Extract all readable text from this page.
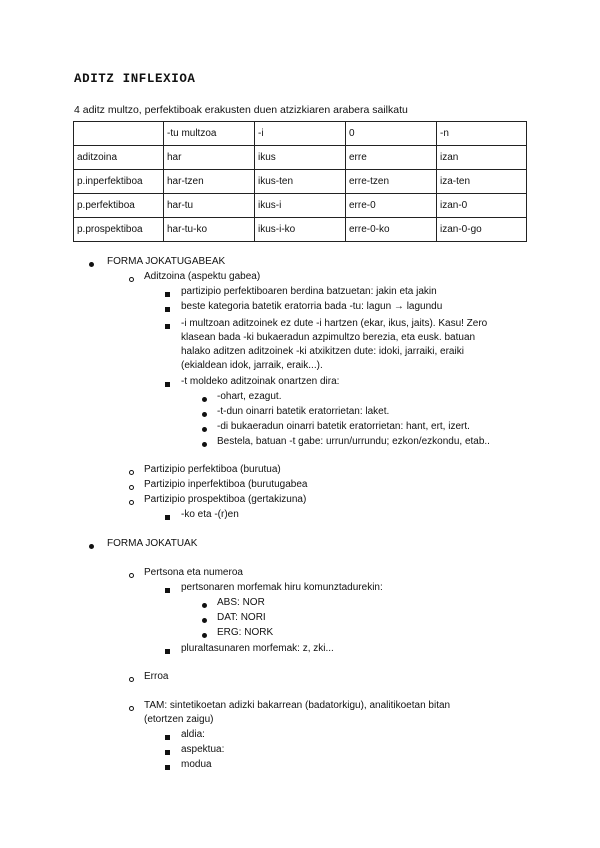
ADITZ INFLEXIOA
4 aditz multzo, perfektiboak erakusten duen atzizkiaren arabera sailkatu
	-tu multzoa	-i	0	-n
aditzoina	har	ikus	erre	izan
p.inperfektiboa	har-tzen	ikus-ten	erre-tzen	iza-ten
p.perfektiboa	har-tu	ikus-i	erre-0	izan-0
p.prospektiboa	har-tu-ko	ikus-i-ko	erre-0-ko	izan-0-go
FORMA JOKATUGABEAK
Aditzoina (aspektu gabea)
partizipio perfektiboaren berdina batzuetan: jakin eta jakin
beste kategoria batetik eratorria bada -tu: lagun → lagundu
-i multzoan aditzoinek ez dute -i hartzen (ekar, ikus, jaits). Kasu! Zero
klasean bada -ki bukaeradun azpimultzo berezia, eta eusk. batuan
halako aditzen aditzoinek -ki atxikitzen dute: idoki, jarraiki, eraiki
(ekialdean idok, jarraik, eraik...).
-t moldeko aditzoinak onartzen dira:
-ohart, ezagut.
-t-dun oinarri batetik eratorrietan: laket.
-di bukaeradun oinarri batetik eratorrietan: hant, ert, izert.
Bestela, batuan -t gabe: urrun/urrundu; ezkon/ezkondu, etab..
Partizipio perfektiboa (burutua)
Partizipio inperfektiboa (burutugabea
Partizipio prospektiboa (gertakizuna)
-ko eta -(r)en
FORMA JOKATUAK
Pertsona eta numeroa
pertsonaren morfemak hiru komunztadurekin:
ABS: NOR
DAT: NORI
ERG: NORK
pluraltasunaren morfemak: z, zki...
Erroa
TAM: sintetikoetan adizki bakarrean (badatorkigu), analitikoetan bitan
(etortzen zaigu)
aldia:
aspektua:
modua
